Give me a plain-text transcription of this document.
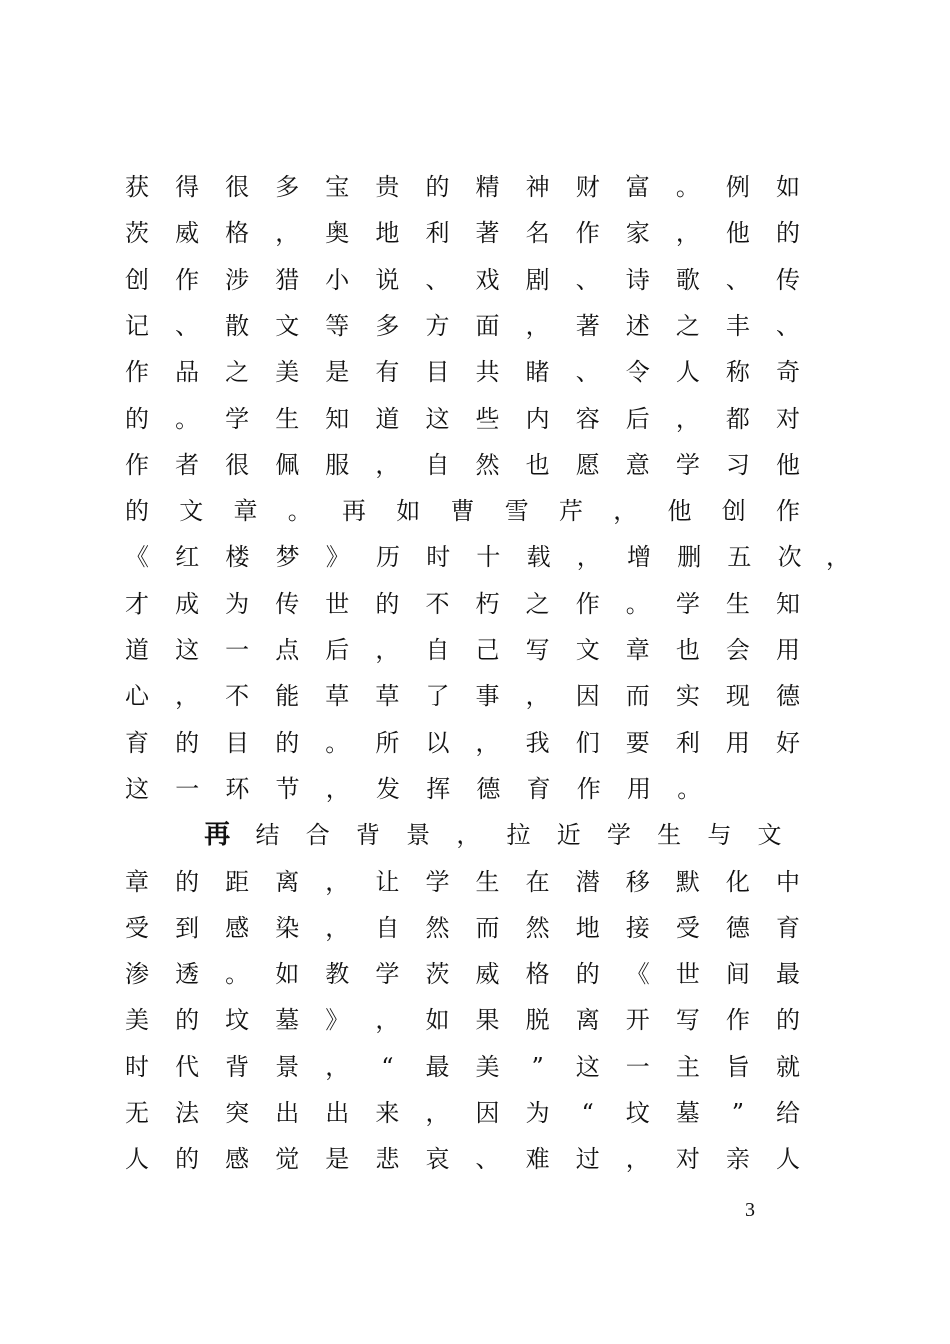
获	得	很	多	宝	贵	的	精	神	财	富	。	例	如
茨	威	格	，	奥	地	利	著	名	作	家	，	他	的
创	作	涉	猎	小	说	、	戏	剧	、	诗	歌	、	传
记	、	散	文	等	多	方	面	，	著	述	之	丰	、
作	品	之	美	是	有	目	共	睹	、	令	人	称	奇
的	。	学	生	知	道	这	些	内	容	后	，	都	对
作	者	很	佩	服	，	自	然	也	愿	意	学	习	他
的	文	章	。	再	如	曹	雪	芹	，	他	创	作
《	红	楼	梦	》	历	时	十	载	，	增	删	五	次	，
才	成	为	传	世	的	不	朽	之	作	。	学	生	知
道	这	一	点	后	，	自	己	写	文	章	也	会	用
心	，	不	能	草	草	了	事	，	因	而	实	现	德
育	的	目	的	。	所	以	，	我	们	要	利	用	好
这	一	环	节	，	发	挥	德	育	作	用	。
再	结	合	背	景	，	拉	近	学	生	与	文
章	的	距	离	，	让	学	生	在	潜	移	默	化	中
受	到	感	染	，	自	然	而	然	地	接	受	德	育
渗	透	。	如	教	学	茨	威	格	的	《	世	间	最
美	的	坟	墓	》	，	如	果	脱	离	开	写	作	的
时	代	背	景	，	“	最	美	”	这	一	主	旨	就
无	法	突	出	出	来	，	因	为	“	坟	墓	”	给
人	的	感	觉	是	悲	哀	、	难	过	，	对	亲	人
3
